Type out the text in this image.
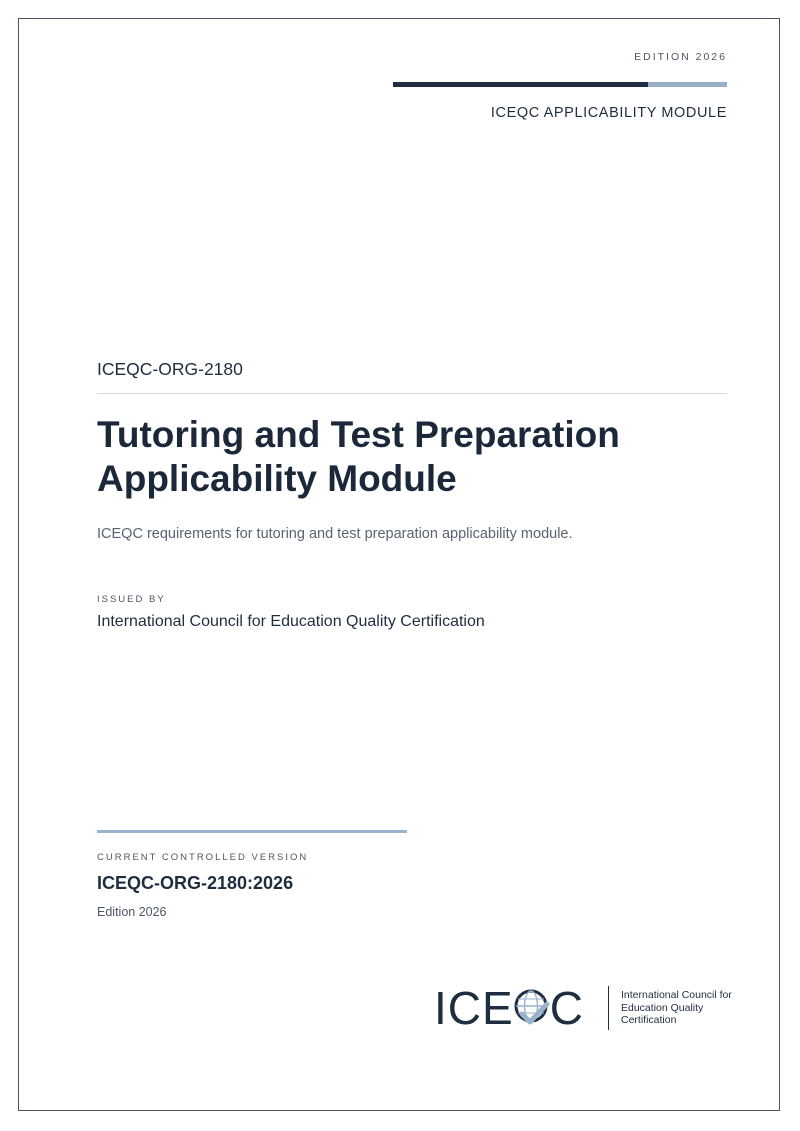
EDITION 2026
ICEQC APPLICABILITY MODULE
ICEQC-ORG-2180
Tutoring and Test Preparation Applicability Module
ICEQC requirements for tutoring and test preparation applicability module.
ISSUED BY
International Council for Education Quality Certification
CURRENT CONTROLLED VERSION
ICEQC-ORG-2180:2026
Edition 2026
ICE C	International Council for
Education Quality
Certification
